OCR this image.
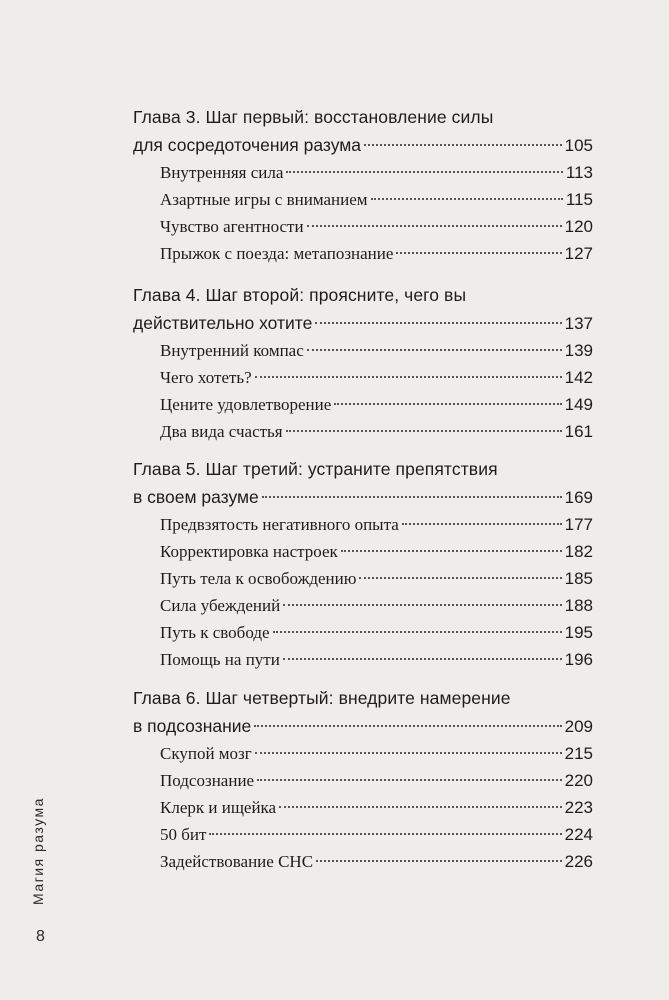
Глава 3. Шаг первый: восстановление силы
для сосредоточения разума	105
Внутренняя сила	113
Азартные игры с вниманием	115
Чувство агентности	120
Прыжок с поезда: метапознание	127
Глава 4. Шаг второй: проясните, чего вы
действительно хотите	137
Внутренний компас	139
Чего хотеть?	142
Цените удовлетворение	149
Два вида счастья	161
Глава 5. Шаг третий: устраните препятствия
в своем разуме	169
Предвзятость негативного опыта	177
Корректировка настроек	182
Путь тела к освобождению	185
Сила убеждений	188
Путь к свободе	195
Помощь на пути	196
Глава 6. Шаг четвертый: внедрите намерение
в подсознание	209
Скупой мозг	215
Подсознание	220
Клерк и ищейка	223
50 бит	224
Задействование СНС	226
Магия разума
8
